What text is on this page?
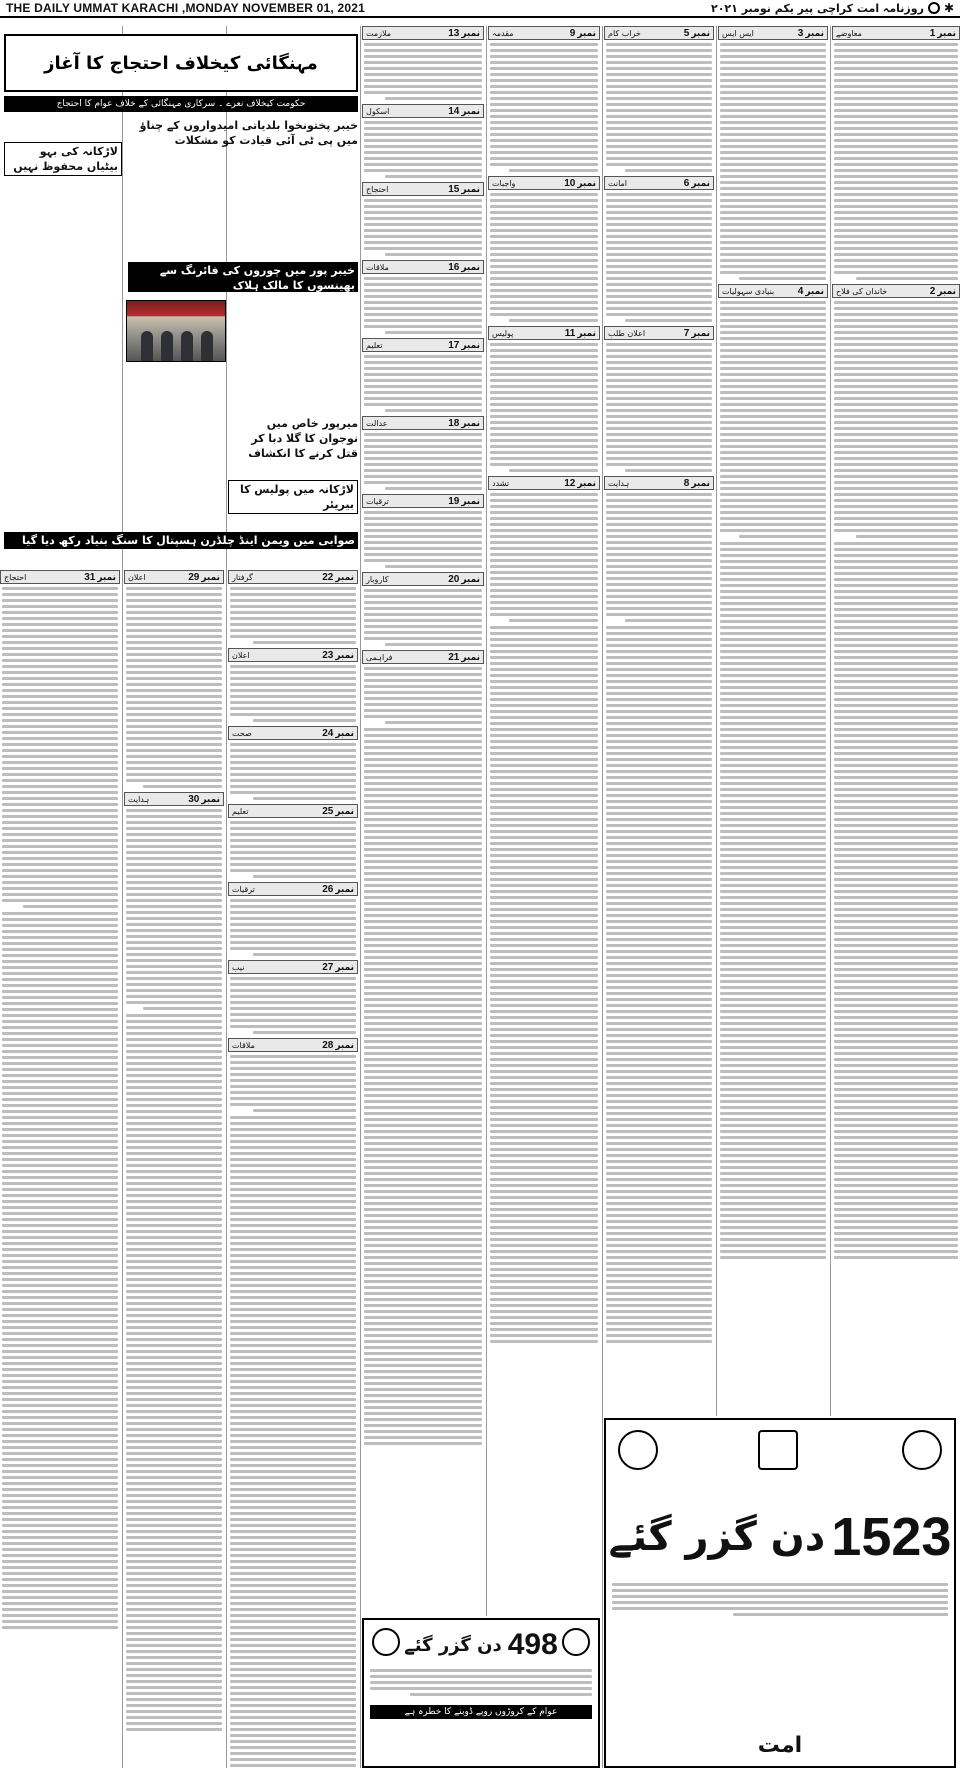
THE DAILY UMMAT KARACHI ,MONDAY NOVEMBER 01, 2021	✱
روزنامہ امت کراچی پیر یکم نومبر ۲۰۲۱
مہنگائی کیخلاف احتجاج کا آغاز
حکومت کیخلاف نعرے ۔ سرکاری مہنگائی کے خلاف عوام کا احتجاج
خیبر پختونخوا بلدیاتی امیدواروں کے چناؤ میں پی ٹی آئی قیادت کو مشکلات
خیبر پور میں چوروں کی فائرنگ سے بھینسوں کا مالک ہلاک
میرپور خاص میں نوجوان کا گلا دبا کر قتل کرنے کا انکشاف
لاڑکانہ کی بہو بیٹیاں محفوظ نہیں
صوابی میں ویمن اینڈ چلڈرن ہسپتال کا سنگ بنیاد رکھ دیا گیا
لاڑکانہ میں پولیس کا بیریئر
نمبر1
معاوضے
نمبر2
خاندان کی فلاح
نمبر3
ایس ایس
نمبر4
بنیادی سہولیات
نمبر5
خراب کام
نمبر6
امانت
نمبر7
اعلان طلب
نمبر8
ہدایت
نمبر9
مقدمہ
نمبر10
واجبات
نمبر11
پولیس
نمبر12
تشدد
نمبر13
ملازمت
نمبر14
اسکول
نمبر15
احتجاج
نمبر16
ملاقات
نمبر17
تعلیم
نمبر18
عدالت
نمبر19
ترقیات
نمبر20
کاروبار
نمبر21
فراہمی
نمبر22
گرفتار
نمبر23
اعلان
نمبر24
صحت
نمبر25
تعلیم
نمبر26
ترقیات
نمبر27
نیب
نمبر28
ملاقات
نمبر29
اعلان
نمبر30
ہدایت
نمبر31
احتجاج
498
دن گزر گئے
عوام کے کروڑوں روپے ڈوبنے کا خطرہ ہے
1523
دن گزر گئے
امت
